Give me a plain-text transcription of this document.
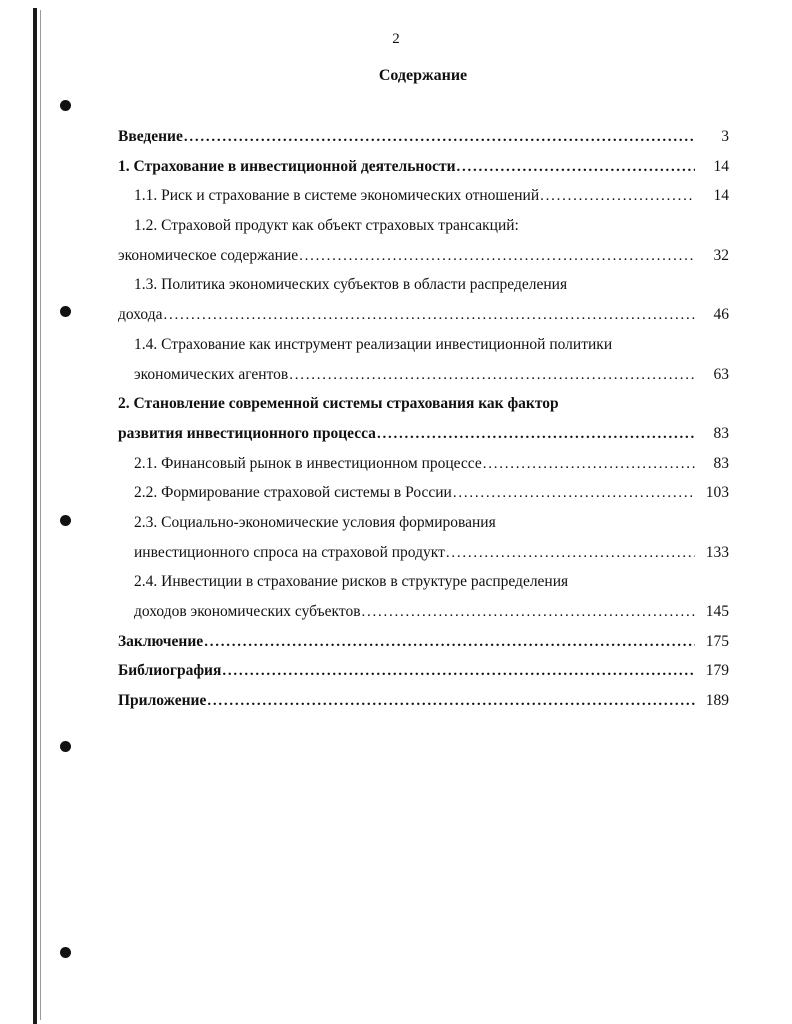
2
Содержание
Введение . . .	3
1. Страхование в инвестиционной деятельности . . .	14
1.1. Риск и страхование в системе экономических отношений . . .	14
1.2. Страховой продукт как объект страховых трансакций:
экономическое содержание . . .	32
1.3. Политика экономических субъектов в области распределения
дохода . . .	46
1.4. Страхование как инструмент реализации инвестиционной политики
экономических агентов . . .	63
2. Становление современной системы страхования как фактор
развития инвестиционного процесса . . .	83
2.1. Финансовый рынок в инвестиционном процессе . . .	83
2.2. Формирование страховой системы в России . . .	103
2.3. Социально-экономические условия формирования
инвестиционного спроса на страховой продукт . . .	133
2.4. Инвестиции в страхование рисков в структуре распределения
доходов экономических субъектов . . .	145
Заключение . . .	175
Библиография . . .	179
Приложение . . .	189
